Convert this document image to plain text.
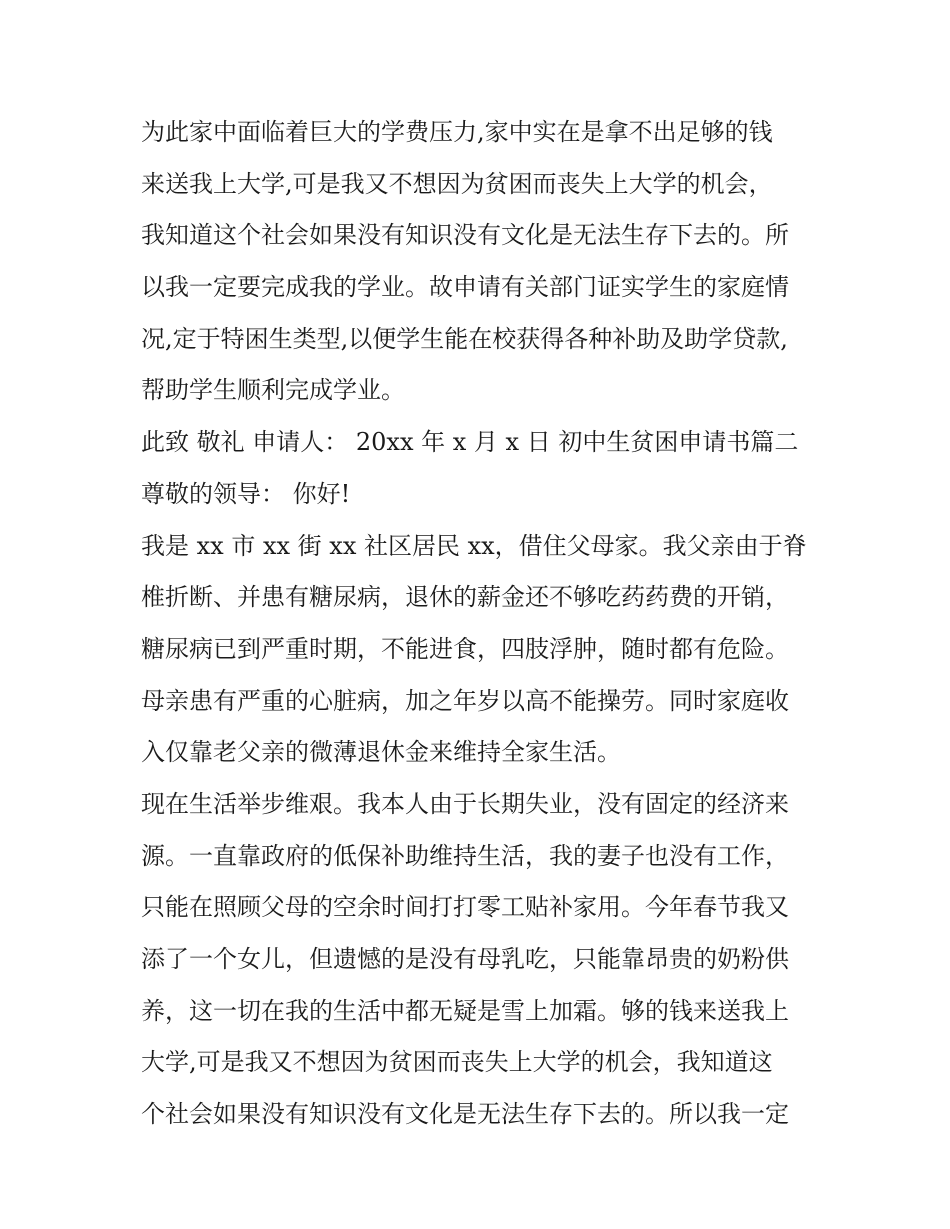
为此家中面临着巨大的学费压力,家中实在是拿不出足够的钱
来送我上大学,可是我又不想因为贫困而丧失上大学的机会，
我知道这个社会如果没有知识没有文化是无法生存下去的。所
以我一定要完成我的学业。故申请有关部门证实学生的家庭情
况,定于特困生类型,以便学生能在校获得各种补助及助学贷款,
帮助学生顺利完成学业。
此致 敬礼 申请人： 20xx 年 x 月 x 日 初中生贫困申请书篇二
尊敬的领导： 你好!
我是 xx 市 xx 街 xx 社区居民 xx，借住父母家。我父亲由于脊
椎折断、并患有糖尿病，退休的薪金还不够吃药药费的开销，
糖尿病已到严重时期，不能进食，四肢浮肿，随时都有危险。
母亲患有严重的心脏病，加之年岁以高不能操劳。同时家庭收
入仅靠老父亲的微薄退休金来维持全家生活。
现在生活举步维艰。我本人由于长期失业，没有固定的经济来
源。一直靠政府的低保补助维持生活，我的妻子也没有工作，
只能在照顾父母的空余时间打打零工贴补家用。今年春节我又
添了一个女儿，但遗憾的是没有母乳吃，只能靠昂贵的奶粉供
养，这一切在我的生活中都无疑是雪上加霜。够的钱来送我上
大学,可是我又不想因为贫困而丧失上大学的机会，我知道这
个社会如果没有知识没有文化是无法生存下去的。所以我一定
